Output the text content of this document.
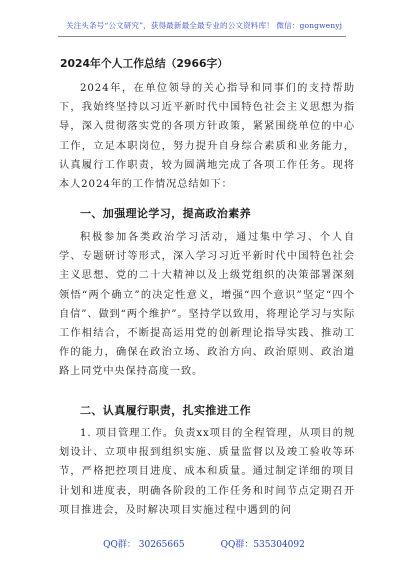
关注头条号“公文研究”，获得最新最全最专业的公文资料库！ 微信：gongwenyj
2024年个人工作总结（2966字）
2024年，在单位领导的关心指导和同事们的支持帮助下，我始终坚持以习近平新时代中国特色社会主义思想为指导，深入贯彻落实党的各项方针政策，紧紧围绕单位的中心工作，立足本职岗位，努力提升自身综合素质和业务能力，认真履行工作职责，较为圆满地完成了各项工作任务。现将本人2024年的工作情况总结如下：
一、加强理论学习，提高政治素养
积极参加各类政治学习活动，通过集中学习、个人自学、专题研讨等形式，深入学习习近平新时代中国特色社会主义思想、党的二十大精神以及上级党组织的决策部署深刻领悟“两个确立”的决定性意义，增强“四个意识”坚定“四个自信”、做到“两个维护”。坚持学以致用，将理论学习与实际工作相结合，不断提高运用党的创新理论指导实践、推动工作的能力，确保在政治立场、政治方向、政治原则、政治道路上同党中央保持高度一致。
二、认真履行职责，扎实推进工作
1. 项目管理工作。负责xx项目的全程管理，从项目的规划设计、立项申报到组织实施、质量监督以及竣工验收等环节，严格把控项目进度、成本和质量。通过制定详细的项目计划和进度表，明确各阶段的工作任务和时间节点定期召开项目推进会，及时解决项目实施过程中遇到的问
QQ群： 30265665	QQ群：535304092
